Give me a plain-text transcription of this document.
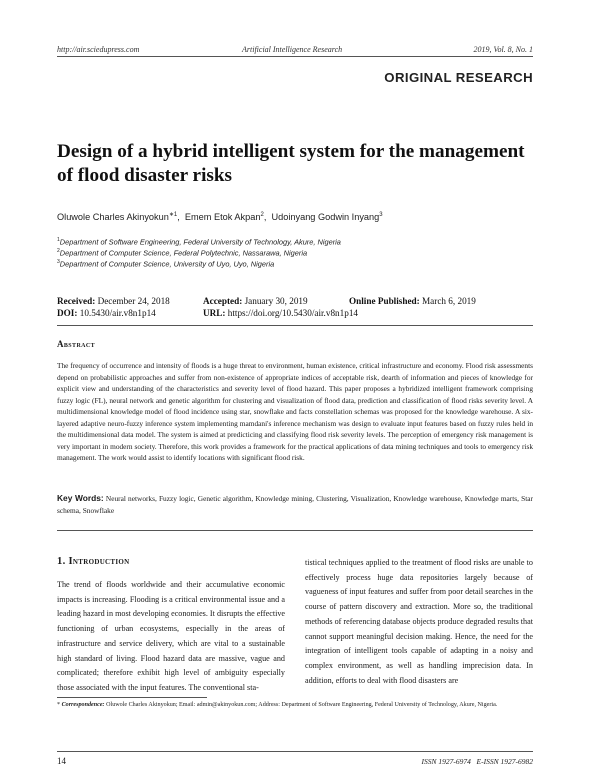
http://air.sciedupress.com	Artificial Intelligence Research	2019, Vol. 8, No. 1
ORIGINAL RESEARCH
Design of a hybrid intelligent system for the management of flood disaster risks
Oluwole Charles Akinyokun$^{∗1}$,  Emem Etok Akpan$^2$,  Udoinyang Godwin Inyang$^3$
$^1$Department of Software Engineering, Federal University of Technology, Akure, Nigeria
$^2$Department of Computer Science, Federal Polytechnic, Nassarawa, Nigeria
$^3$Department of Computer Science, University of Uyo, Uyo, Nigeria
Received: December 24, 2018	Accepted: January 30, 2019	Online Published: March 6, 2019
DOI: 10.5430/air.v8n1p14	URL: https://doi.org/10.5430/air.v8n1p14
Abstract
The frequency of occurrence and intensity of floods is a huge threat to environment, human existence, critical infrastructure and economy. Flood risk assessments depend on probabilistic approaches and suffer from non-existence of appropriate indices of acceptable risk, dearth of information and pieces of knowledge for explicit view and understanding of the characteristics and severity level of flood hazard. This paper proposes a hybridized intelligent framework comprising fuzzy logic (FL), neural network and genetic algorithm for clustering and visualization of flood data, prediction and classification of flood risks severity level. A multidimensional knowledge model of flood incidence using star, snowflake and facts constellation schemas was proposed for the knowledge warehouse. A six-layered adaptive neuro-fuzzy inference system implementing mamdani's inference mechanism was design to evaluate input features based on fuzzy rules held in the multidimensional data model. The system is aimed at predicticing and classifying flood risk severity levels. The perception of emergency risk management is very important in modern society. Therefore, this work provides a framework for the practical applications of data mining techniques and tools to emergency risk management. The work would assist to identify locations with significant flood risk.
Key Words: Neural networks, Fuzzy logic, Genetic algorithm, Knowledge mining, Clustering, Visualization, Knowledge warehouse, Knowledge marts, Star schema, Snowflake
1. Introduction
The trend of floods worldwide and their accumulative economic impacts is increasing. Flooding is a critical environmental issue and a leading hazard in most developing economies. It disrupts the effective functioning of urban ecosystems, especially in the areas of infrastructure and service delivery, which are vital to a sustainable high standard of living. Flood hazard data are massive, vague and complicated; therefore exhibit high level of ambiguity especially those associated with the input features. The conventional sta-
tistical techniques applied to the treatment of flood risks are unable to effectively process huge data repositories largely because of vagueness of input features and suffer from poor detail searches in the course of pattern discovery and extraction. More so, the traditional methods of referencing database objects produce degraded results that cannot support meaningful decision making. Hence, the need for the integration of intelligent tools capable of adapting in a noisy and complex environment, as well as handling imprecision data. In addition, efforts to deal with flood disasters are
* Correspondence: Oluwole Charles Akinyokun; Email: admin@akinyokun.com; Address: Department of Software Engineering, Federal University of Technology, Akure, Nigeria.
14	ISSN 1927-6974 E-ISSN 1927-6982
